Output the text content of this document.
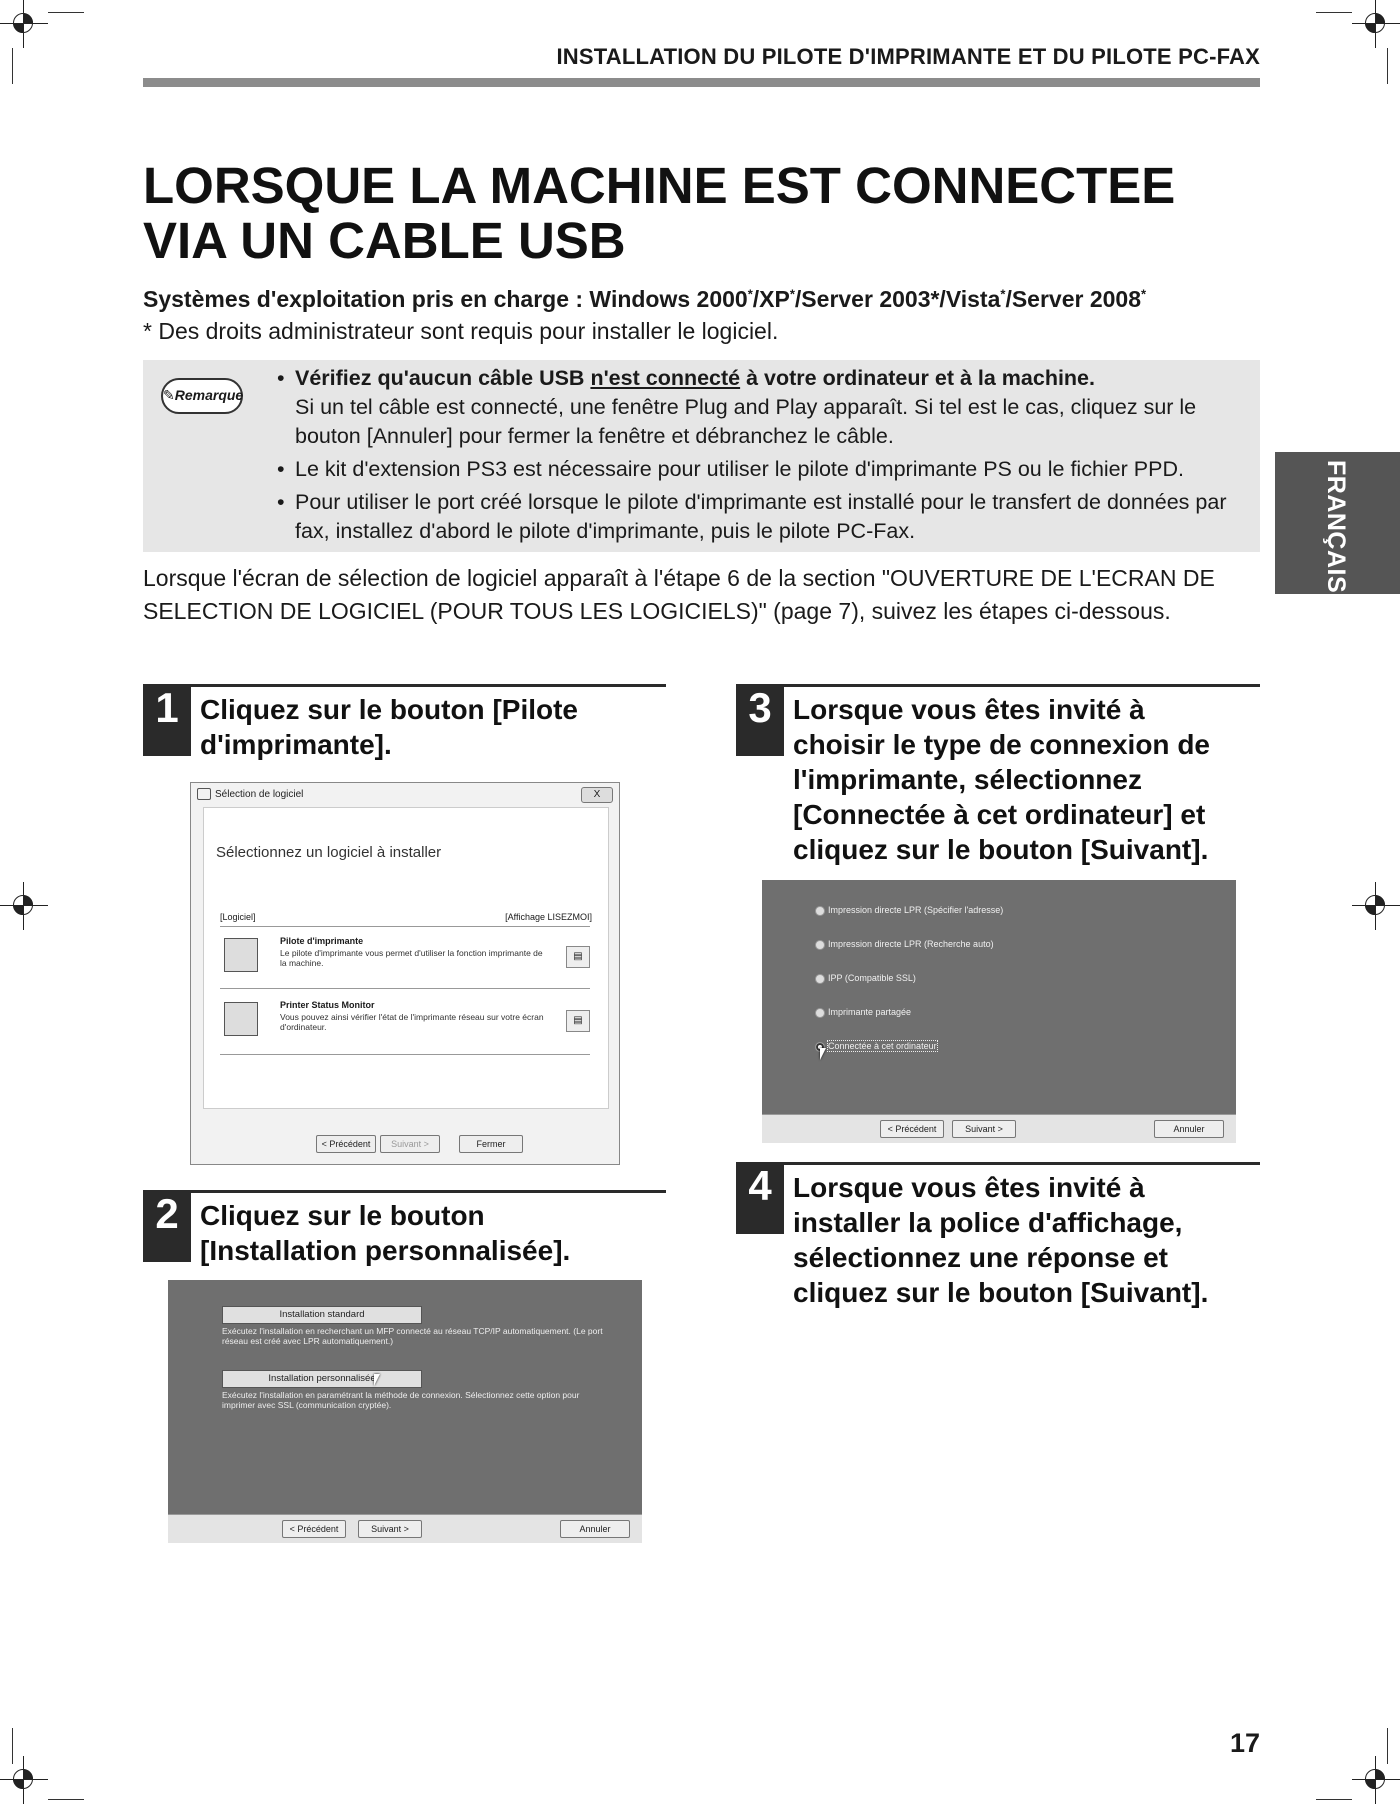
INSTALLATION DU PILOTE D'IMPRIMANTE ET DU PILOTE PC-FAX
LORSQUE LA MACHINE EST CONNECTEE VIA UN CABLE USB
Systèmes d'exploitation pris en charge : Windows 2000*/XP*/Server 2003*/Vista*/Server 2008*
* Des droits administrateur sont requis pour installer le logiciel.
✎Remarque
• Vérifiez qu'aucun câble USB n'est connecté à votre ordinateur et à la machine.
Si un tel câble est connecté, une fenêtre Plug and Play apparaît. Si tel est le cas, cliquez sur le bouton [Annuler] pour fermer la fenêtre et débranchez le câble.
• Le kit d'extension PS3 est nécessaire pour utiliser le pilote d'imprimante PS ou le fichier PPD.
• Pour utiliser le port créé lorsque le pilote d'imprimante est installé pour le transfert de données par fax, installez d'abord le pilote d'imprimante, puis le pilote PC-Fax.
Lorsque l'écran de sélection de logiciel apparaît à l'étape 6 de la section "OUVERTURE DE L'ECRAN DE SELECTION DE LOGICIEL (POUR TOUS LES LOGICIELS)" (page 7), suivez les étapes ci-dessous.
1 Cliquez sur le bouton [Pilote
d'imprimante].
Sélection de logiciel	X
Sélectionnez un logiciel à installer
[Logiciel]	[Affichage LISEZMOI]
Pilote d'imprimante
Le pilote d'imprimante vous permet d'utiliser la fonction imprimante de la machine.
▤
Printer Status Monitor
Vous pouvez ainsi vérifier l'état de l'imprimante réseau sur votre écran d'ordinateur.
▤
< Précédent	Suivant >	Fermer
2 Cliquez sur le bouton
[Installation personnalisée].
Installation standard
Exécutez l'installation en recherchant un MFP connecté au réseau TCP/IP automatiquement. (Le port réseau est créé avec LPR automatiquement.)
Installation personnalisée
Exécutez l'installation en paramétrant la méthode de connexion. Sélectionnez cette option pour imprimer avec SSL (communication cryptée).
< Précédent	Suivant >	Annuler
3 Lorsque vous êtes invité à
choisir le type de connexion de
l'imprimante, sélectionnez
[Connectée à cet ordinateur] et
cliquez sur le bouton [Suivant].
Impression directe LPR (Spécifier l'adresse)
Impression directe LPR (Recherche auto)
IPP (Compatible SSL)
Imprimante partagée
Connectée à cet ordinateur
< Précédent	Suivant >	Annuler
4 Lorsque vous êtes invité à
installer la police d'affichage,
sélectionnez une réponse et
cliquez sur le bouton [Suivant].
FRANÇAIS
17
